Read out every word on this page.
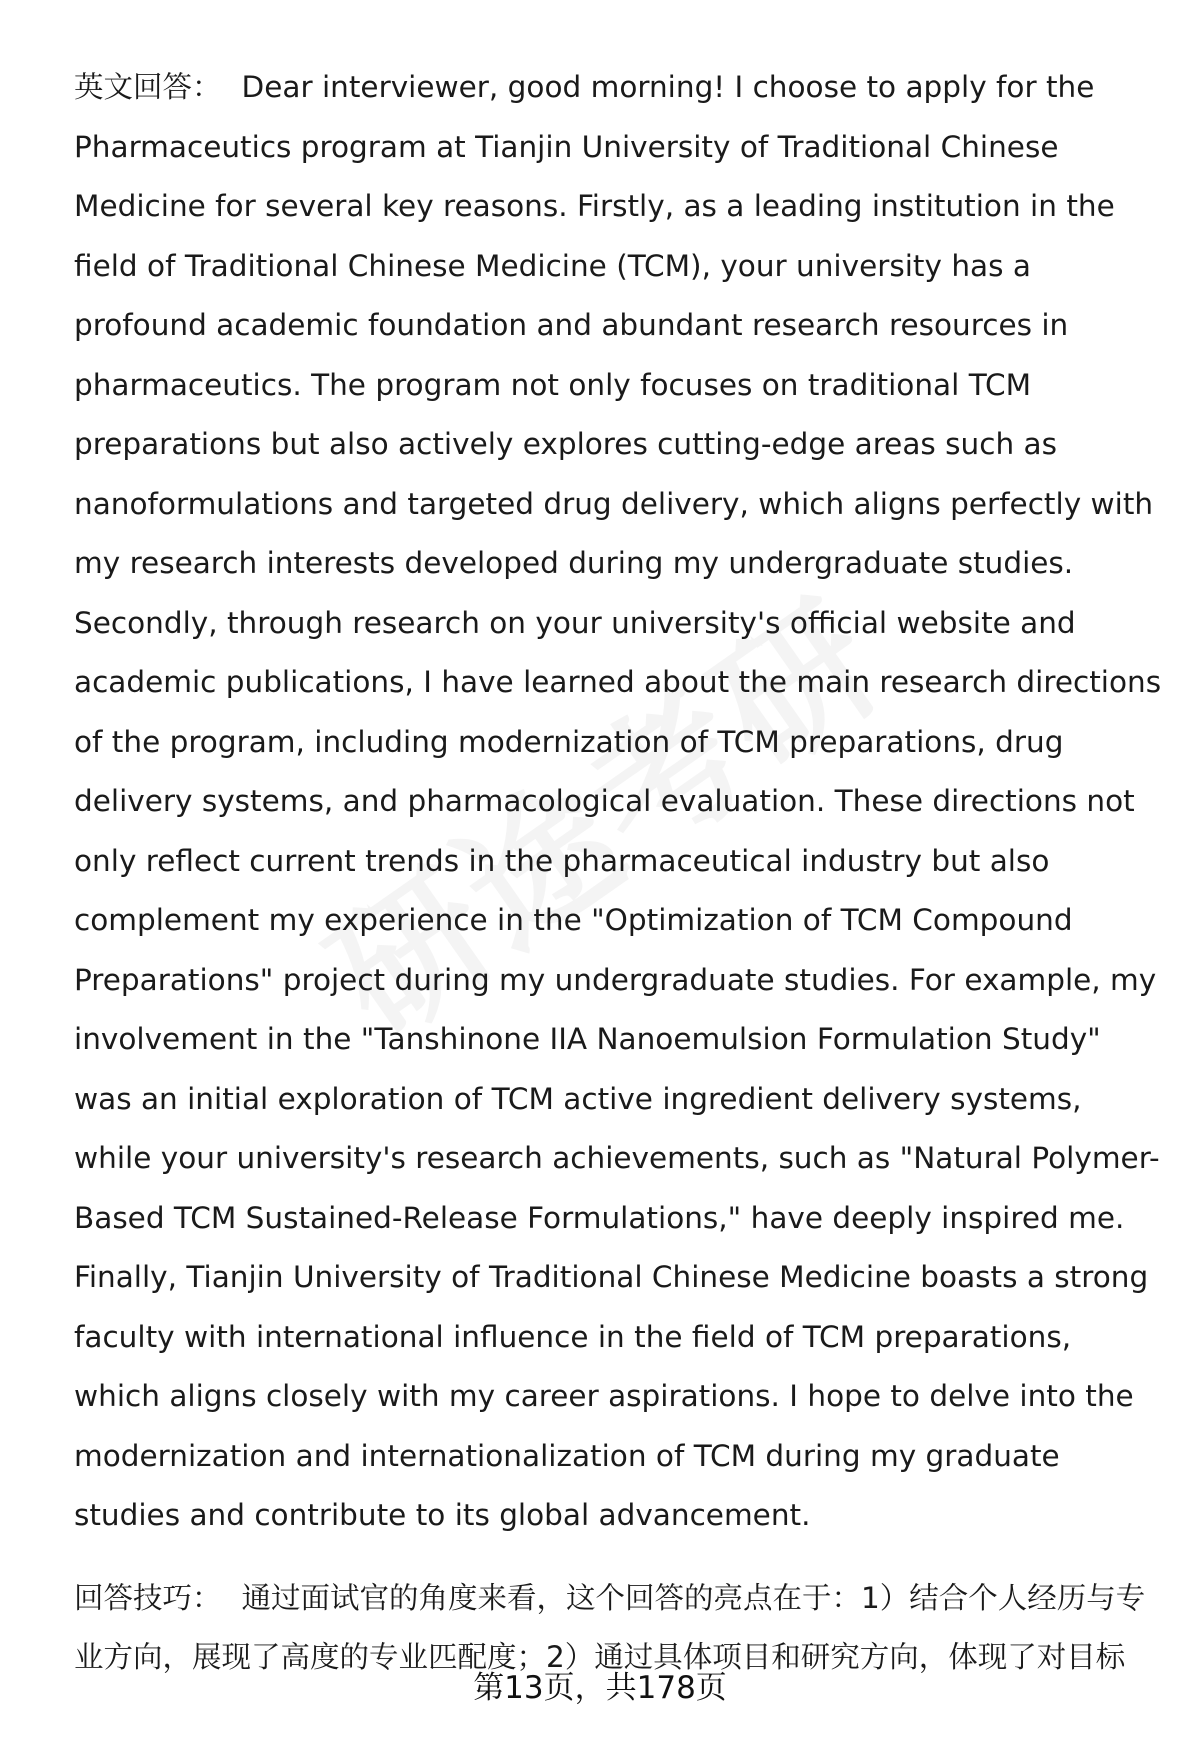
英文回答： Dear interviewer, good morning! I choose to apply for the Pharmaceutics program at Tianjin University of Traditional Chinese Medicine for several key reasons. Firstly, as a leading institution in the field of Traditional Chinese Medicine (TCM), your university has a profound academic foundation and abundant research resources in pharmaceutics. The program not only focuses on traditional TCM preparations but also actively explores cutting-edge areas such as nanoformulations and targeted drug delivery, which aligns perfectly with my research interests developed during my undergraduate studies. Secondly, through research on your university's official website and academic publications, I have learned about the main research directions of the program, including modernization of TCM preparations, drug delivery systems, and pharmacological evaluation. These directions not only reflect current trends in the pharmaceutical industry but also complement my experience in the "Optimization of TCM Compound Preparations" project during my undergraduate studies. For example, my involvement in the "Tanshinone IIA Nanoemulsion Formulation Study" was an initial exploration of TCM active ingredient delivery systems, while your university's research achievements, such as "Natural Polymer-Based TCM Sustained-Release Formulations," have deeply inspired me. Finally, Tianjin University of Traditional Chinese Medicine boasts a strong faculty with international influence in the field of TCM preparations, which aligns closely with my career aspirations. I hope to delve into the modernization and internationalization of TCM during my graduate studies and contribute to its global advancement.

回答技巧： 通过面试官的角度来看，这个回答的亮点在于：1）结合个人经历与专业方向，展现了高度的专业匹配度；2）通过具体项目和研究方向，体现了对目标

第13页，共178页
